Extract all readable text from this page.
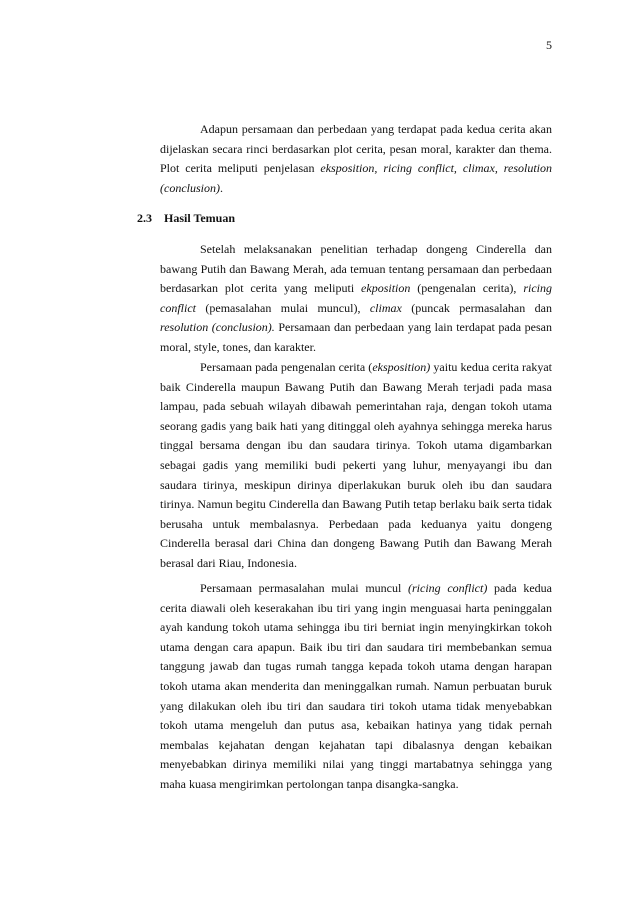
5

Adapun persamaan dan perbedaan yang terdapat pada kedua cerita akan dijelaskan secara rinci berdasarkan plot cerita, pesan moral, karakter dan thema. Plot cerita meliputi penjelasan eksposition, ricing conflict, climax, resolution (conclusion).

2.3 Hasil Temuan

Setelah melaksanakan penelitian terhadap dongeng Cinderella dan bawang Putih dan Bawang Merah, ada temuan tentang persamaan dan perbedaan berdasarkan plot cerita yang meliputi ekposition (pengenalan cerita), ricing conflict (pemasalahan mulai muncul), climax (puncak permasalahan dan resolution (conclusion). Persamaan dan perbedaan yang lain terdapat pada pesan moral, style, tones, dan karakter.

Persamaan pada pengenalan cerita (eksposition) yaitu kedua cerita rakyat baik Cinderella maupun Bawang Putih dan Bawang Merah terjadi pada masa lampau, pada sebuah wilayah dibawah pemerintahan raja, dengan tokoh utama seorang gadis yang baik hati yang ditinggal oleh ayahnya sehingga mereka harus tinggal bersama dengan ibu dan saudara tirinya. Tokoh utama digambarkan sebagai gadis yang memiliki budi pekerti yang luhur, menyayangi ibu dan saudara tirinya, meskipun dirinya diperlakukan buruk oleh ibu dan saudara tirinya. Namun begitu Cinderella dan Bawang Putih tetap berlaku baik serta tidak berusaha untuk membalasnya. Perbedaan pada keduanya yaitu dongeng Cinderella berasal dari China dan dongeng Bawang Putih dan Bawang Merah berasal dari Riau, Indonesia.

Persamaan permasalahan mulai muncul (ricing conflict) pada kedua cerita diawali oleh keserakahan ibu tiri yang ingin menguasai harta peninggalan ayah kandung tokoh utama sehingga ibu tiri berniat ingin menyingkirkan tokoh utama dengan cara apapun. Baik ibu tiri dan saudara tiri membebankan semua tanggung jawab dan tugas rumah tangga kepada tokoh utama dengan harapan tokoh utama akan menderita dan meninggalkan rumah. Namun perbuatan buruk yang dilakukan oleh ibu tiri dan saudara tiri tokoh utama tidak menyebabkan tokoh utama mengeluh dan putus asa, kebaikan hatinya yang tidak pernah membalas kejahatan dengan kejahatan tapi dibalasnya dengan kebaikan menyebabkan dirinya memiliki nilai yang tinggi martabatnya sehingga yang maha kuasa mengirimkan pertolongan tanpa disangka-sangka.
